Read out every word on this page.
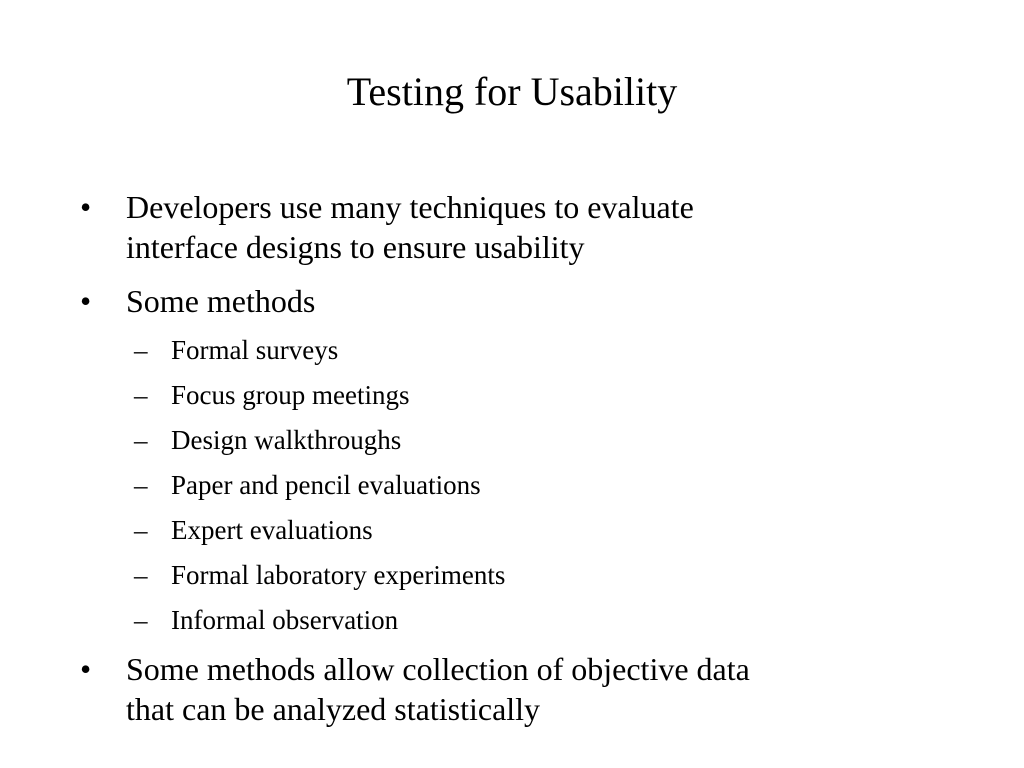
Testing for Usability
• Developers use many techniques to evaluate
interface designs to ensure usability
• Some methods
– Formal surveys
– Focus group meetings
– Design walkthroughs
– Paper and pencil evaluations
– Expert evaluations
– Formal laboratory experiments
– Informal observation
• Some methods allow collection of objective data
that can be analyzed statistically
